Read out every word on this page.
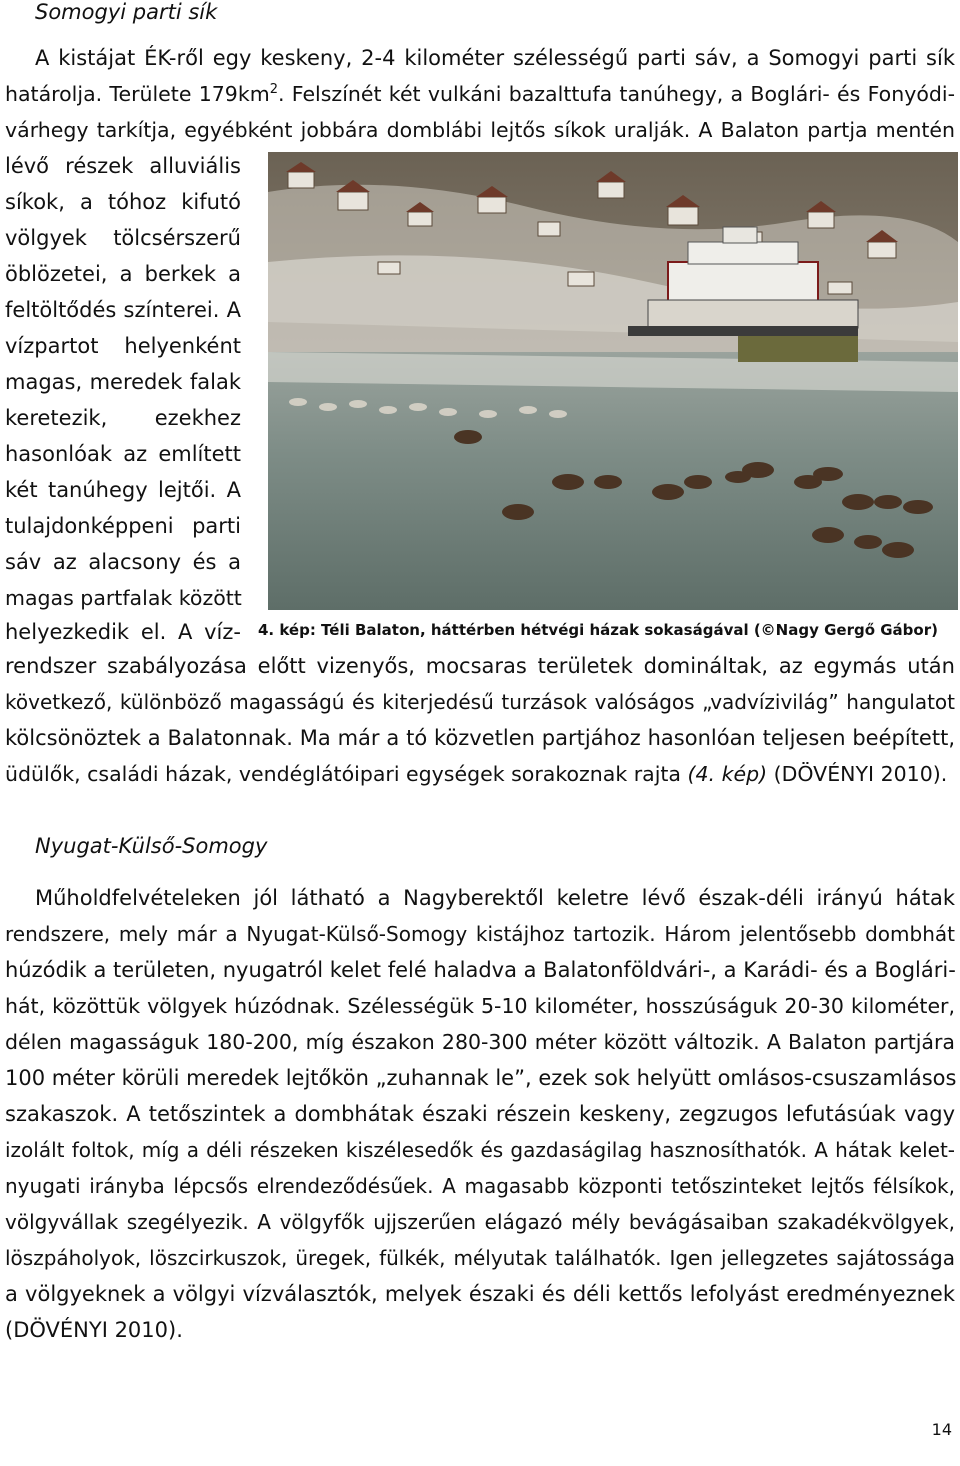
Somogyi parti sík
A kistájat ÉK-ről egy keskeny, 2-4 kilométer szélességű parti sáv, a Somogyi parti sík
határolja. Területe $179km^2$. Felszínét két vulkáni bazalttufa tanúhegy, a Boglári- és Fonyódi-
várhegy tarkítja, egyébként jobbára domblábi lejtős síkok uralják. A Balaton partja mentén
lévő részek alluviális
síkok, a tóhoz kifutó
völgyek tölcsérszerű
öblözetei, a berkek a
feltöltődés színterei. A
vízpartot helyenként
magas, meredek falak
keretezik, ezekhez
hasonlóak az említett
két tanúhegy lejtői. A
tulajdonképpeni parti
sáv az alacsony és a
magas partfalak között
helyezkedik el. A víz- 4. kép: Téli Balaton, háttérben hétvégi házak sokaságával (©Nagy Gergő Gábor)
rendszer szabályozása előtt vizenyős, mocsaras területek domináltak, az egymás után
következő, különböző magasságú és kiterjedésű turzások valóságos „vadvízivilág” hangulatot
kölcsönöztek a Balatonnak. Ma már a tó közvetlen partjához hasonlóan teljesen beépített,
üdülők, családi házak, vendéglátóipari egységek sorakoznak rajta (4. kép) (DÖVÉNYI 2010).
Nyugat-Külső-Somogy
Műholdfelvételeken jól látható a Nagyberektől keletre lévő észak-déli irányú hátak
rendszere, mely már a Nyugat-Külső-Somogy kistájhoz tartozik. Három jelentősebb dombhát
húzódik a területen, nyugatról kelet felé haladva a Balatonföldvári-, a Karádi- és a Boglári-
hát, közöttük völgyek húzódnak. Szélességük 5-10 kilométer, hosszúságuk 20-30 kilométer,
délen magasságuk 180-200, míg északon 280-300 méter között változik. A Balaton partjára
100 méter körüli meredek lejtőkön „zuhannak le”, ezek sok helyütt omlásos-csuszamlásos
szakaszok. A tetőszintek a dombhátak északi részein keskeny, zegzugos lefutásúak vagy
izolált foltok, míg a déli részeken kiszélesedők és gazdaságilag hasznosíthatók. A hátak kelet-
nyugati irányba lépcsős elrendeződésűek. A magasabb központi tetőszinteket lejtős félsíkok,
völgyvállak szegélyezik. A völgyfők ujjszerűen elágazó mély bevágásaiban szakadékvölgyek,
löszpáholyok, löszcirkuszok, üregek, fülkék, mélyutak találhatók. Igen jellegzetes sajátossága
a völgyeknek a völgyi vízválasztók, melyek északi és déli kettős lefolyást eredményeznek
(DÖVÉNYI 2010).
14
